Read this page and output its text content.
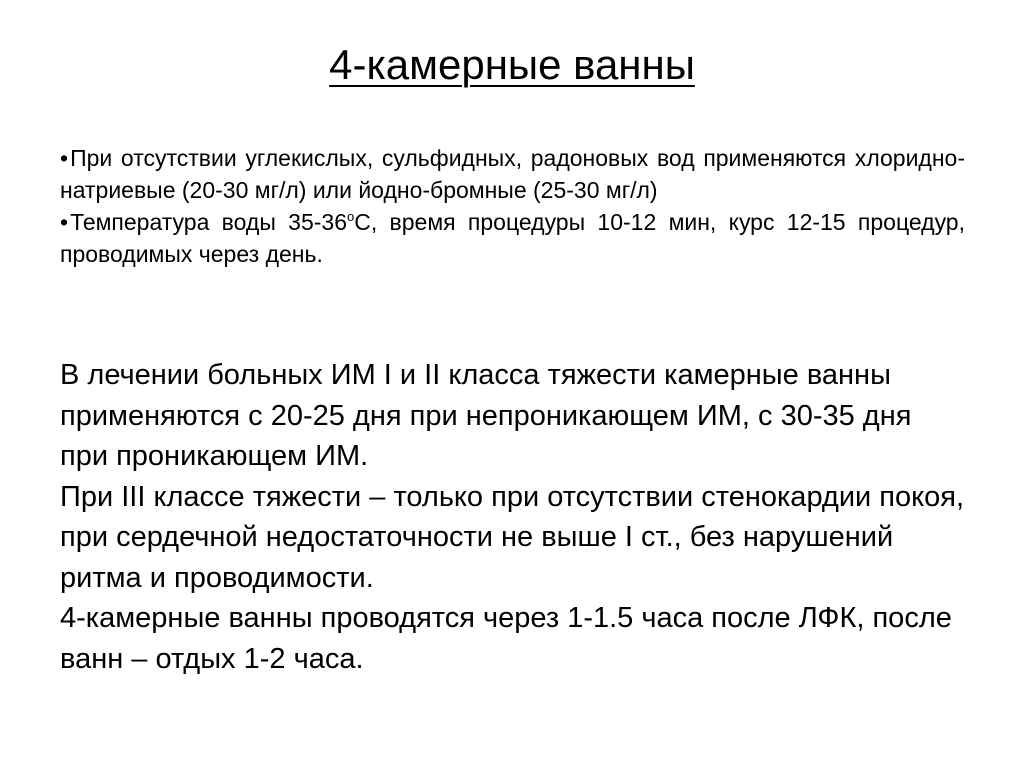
4-камерные ванны

•При отсутствии углекислых, сульфидных, радоновых вод применяются хлоридно-натриевые (20-30 мг/л) или йодно-бромные (25-30 мг/л)

•Температура воды $35-36^оС$, время процедуры 10-12 мин, курс 12-15 процедур, проводимых через день.

В лечении больных ИМ I и II класса тяжести камерные ванны применяются с 20-25 дня при непроникающем ИМ, с 30-35 дня при проникающем ИМ.

При III классе тяжести – только при отсутствии стенокардии покоя, при сердечной недостаточности не выше I ст., без нарушений ритма и проводимости.

4-камерные ванны проводятся через 1-1.5 часа после ЛФК, после ванн – отдых 1-2 часа.
